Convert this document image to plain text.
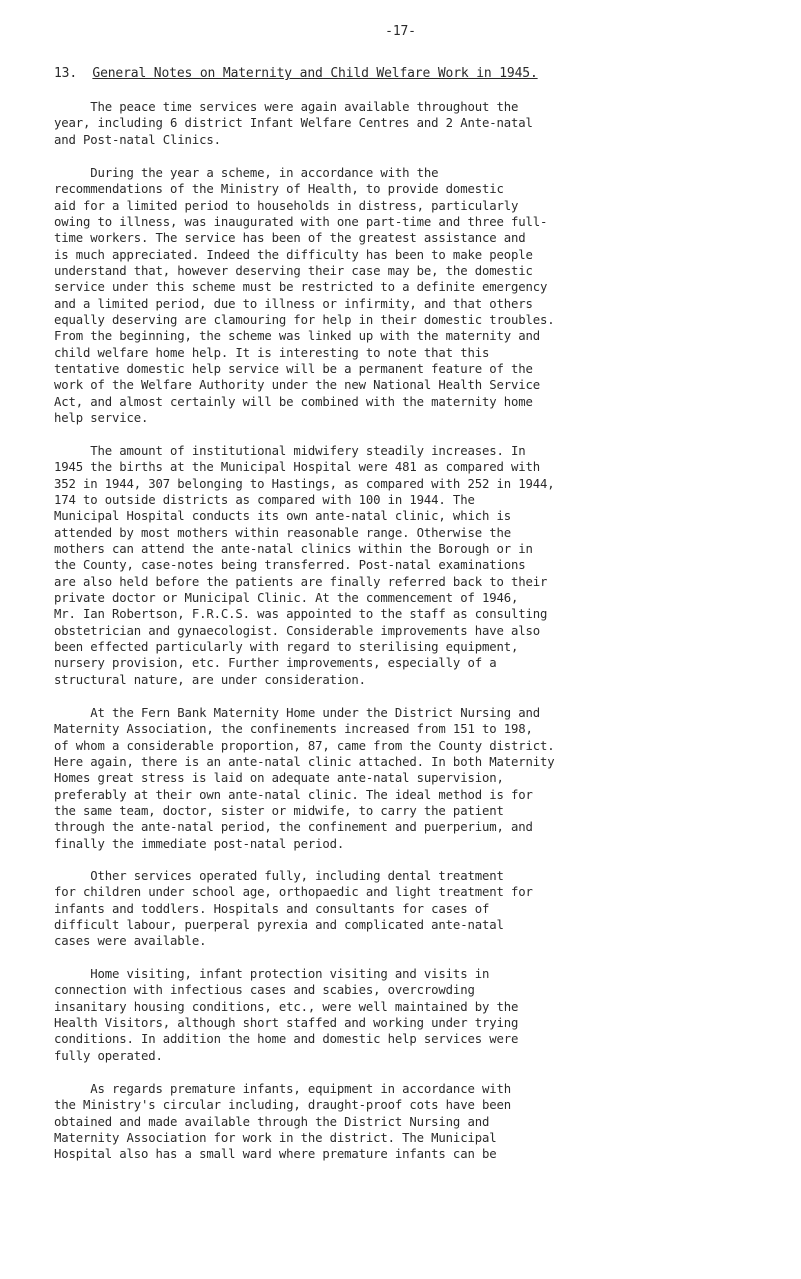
-17-
13. General Notes on Maternity and Child Welfare Work in 1945.
The peace time services were again available throughout the
year, including 6 district Infant Welfare Centres and 2 Ante-natal
and Post-natal Clinics.
During the year a scheme, in accordance with the
recommendations of the Ministry of Health, to provide domestic
aid for a limited period to households in distress, particularly
owing to illness, was inaugurated with one part-time and three full-
time workers. The service has been of the greatest assistance and
is much appreciated. Indeed the difficulty has been to make people
understand that, however deserving their case may be, the domestic
service under this scheme must be restricted to a definite emergency
and a limited period, due to illness or infirmity, and that others
equally deserving are clamouring for help in their domestic troubles.
From the beginning, the scheme was linked up with the maternity and
child welfare home help. It is interesting to note that this
tentative domestic help service will be a permanent feature of the
work of the Welfare Authority under the new National Health Service
Act, and almost certainly will be combined with the maternity home
help service.
The amount of institutional midwifery steadily increases. In
1945 the births at the Municipal Hospital were 481 as compared with
352 in 1944, 307 belonging to Hastings, as compared with 252 in 1944,
174 to outside districts as compared with 100 in 1944. The
Municipal Hospital conducts its own ante-natal clinic, which is
attended by most mothers within reasonable range. Otherwise the
mothers can attend the ante-natal clinics within the Borough or in
the County, case-notes being transferred. Post-natal examinations
are also held before the patients are finally referred back to their
private doctor or Municipal Clinic. At the commencement of 1946,
Mr. Ian Robertson, F.R.C.S. was appointed to the staff as consulting
obstetrician and gynaecologist. Considerable improvements have also
been effected particularly with regard to sterilising equipment,
nursery provision, etc. Further improvements, especially of a
structural nature, are under consideration.
At the Fern Bank Maternity Home under the District Nursing and
Maternity Association, the confinements increased from 151 to 198,
of whom a considerable proportion, 87, came from the County district.
Here again, there is an ante-natal clinic attached. In both Maternity
Homes great stress is laid on adequate ante-natal supervision,
preferably at their own ante-natal clinic. The ideal method is for
the same team, doctor, sister or midwife, to carry the patient
through the ante-natal period, the confinement and puerperium, and
finally the immediate post-natal period.
Other services operated fully, including dental treatment
for children under school age, orthopaedic and light treatment for
infants and toddlers. Hospitals and consultants for cases of
difficult labour, puerperal pyrexia and complicated ante-natal
cases were available.
Home visiting, infant protection visiting and visits in
connection with infectious cases and scabies, overcrowding
insanitary housing conditions, etc., were well maintained by the
Health Visitors, although short staffed and working under trying
conditions. In addition the home and domestic help services were
fully operated.
As regards premature infants, equipment in accordance with
the Ministry's circular including, draught-proof cots have been
obtained and made available through the District Nursing and
Maternity Association for work in the district. The Municipal
Hospital also has a small ward where premature infants can be
